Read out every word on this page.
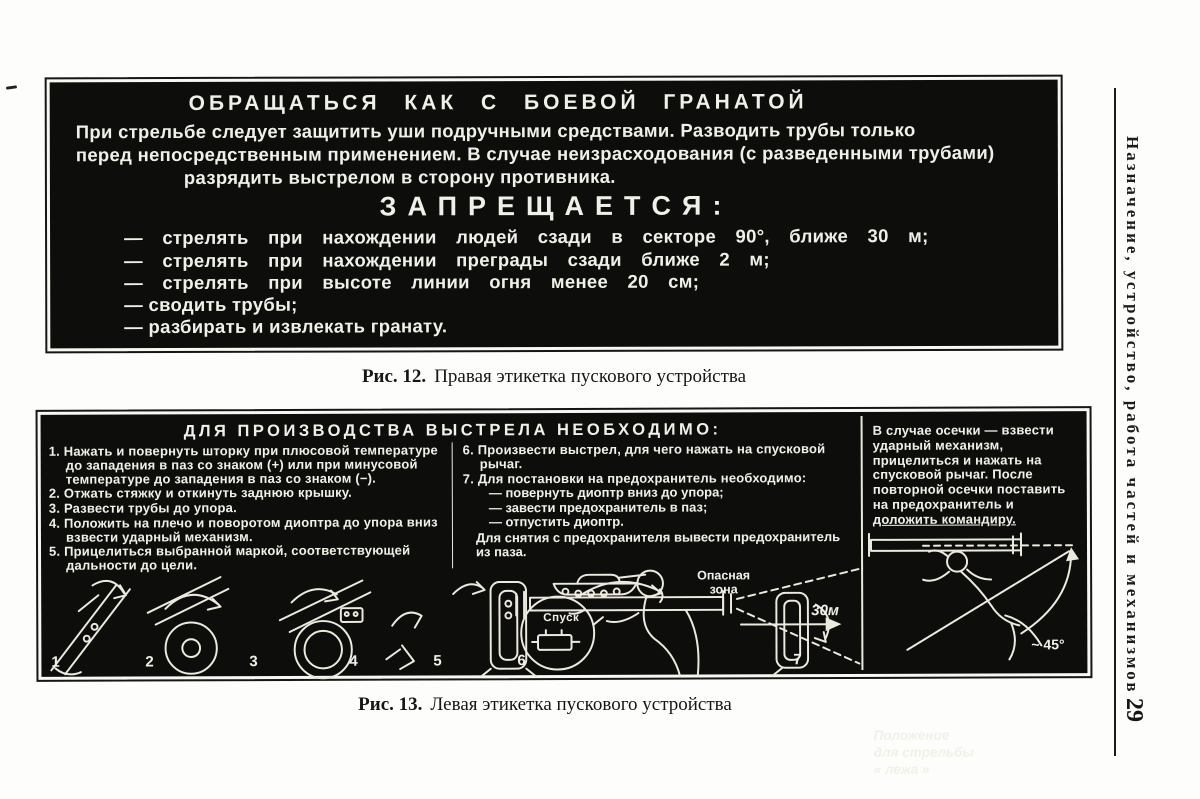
ОБРАЩАТЬСЯ КАК С БОЕВОЙ ГРАНАТОЙ
При стрельбе следует защитить уши подручными средствами. Разводить трубы только
перед непосредственным применением. В случае неизрасходования (с разведенными трубами)
разрядить выстрелом в сторону противника.
ЗАПРЕЩАЕТСЯ:
— стрелять при нахождении людей сзади в секторе 90°, ближе 30 м;
— стрелять при нахождении преграды сзади ближе 2 м;
— стрелять при высоте линии огня менее 20 см;
— сводить трубы;
— разбирать и извлекать гранату.
Рис. 12. Правая этикетка пускового устройства
ДЛЯ ПРОИЗВОДСТВА ВЫСТРЕЛА НЕОБХОДИМО:
1. Нажать и повернуть шторку при плюсовой температуре до западения в паз со знаком (+) или при минусовой температуре до западения в паз со знаком (−).
2. Отжать стяжку и откинуть заднюю крышку.
3. Развести трубы до упора.
4. Положить на плечо и поворотом диоптра до упора вниз взвести ударный механизм.
5. Прицелиться выбранной маркой, соответствующей дальности до цели.
6. Произвести выстрел, для чего нажать на спусковой рычаг.
7. Для постановки на предохранитель необходимо:
— повернуть диоптр вниз до упора;
— завести предохранитель в паз;
— отпустить диоптр.
Для снятия с предохранителя вывести предохранитель из паза.
Опасная
зона
30м
Спуск
1	2	3	4	5	6	7
В случае осечки — взвести ударный механизм, прицелиться и нажать на спусковой рычаг. После повторной осечки поставить на предохранитель и доложить командиру.
~ 45°
Положение
для стрельбы
« лежа »
Рис. 13. Левая этикетка пускового устройства
Назначение, устройство, работа частей и механизмов
29
